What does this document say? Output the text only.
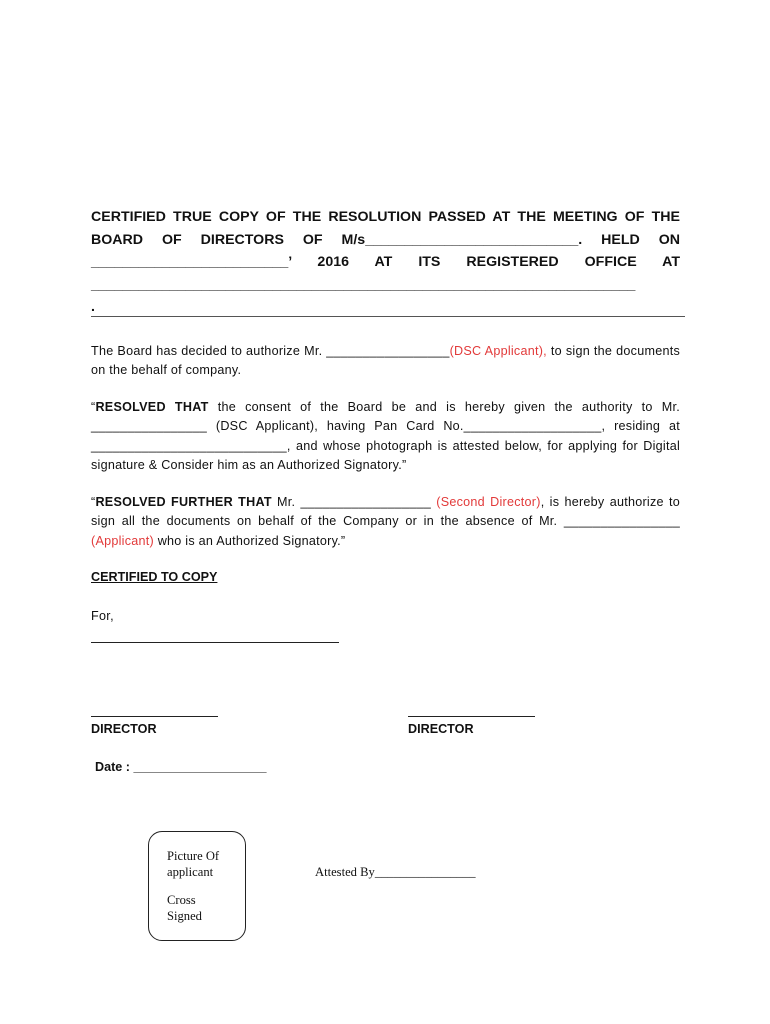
CERTIFIED TRUE COPY OF THE RESOLUTION PASSED AT THE MEETING OF THE
BOARD OF DIRECTORS OF M/s___________________________. HELD ON
_________________________’ 2016 AT ITS REGISTERED OFFICE AT
_____________________________________________________________________
.
The Board has decided to authorize Mr. _________________(DSC Applicant), to sign the documents on the behalf of company.
“RESOLVED THAT the consent of the Board be and is hereby given the authority to Mr. ________________ (DSC Applicant), having Pan Card No.___________________, residing at ___________________________, and whose photograph is attested below, for applying for Digital signature & Consider him as an Authorized Signatory.”
“RESOLVED FURTHER THAT Mr. __________________ (Second Director), is hereby authorize to sign all the documents on behalf of the Company or in the absence of Mr. ________________ (Applicant) who is an Authorized Signatory.”
CERTIFIED TO COPY
For,
DIRECTOR	DIRECTOR
Date : ___________________
Picture Of
applicant
Cross
Signed
Attested By________________
